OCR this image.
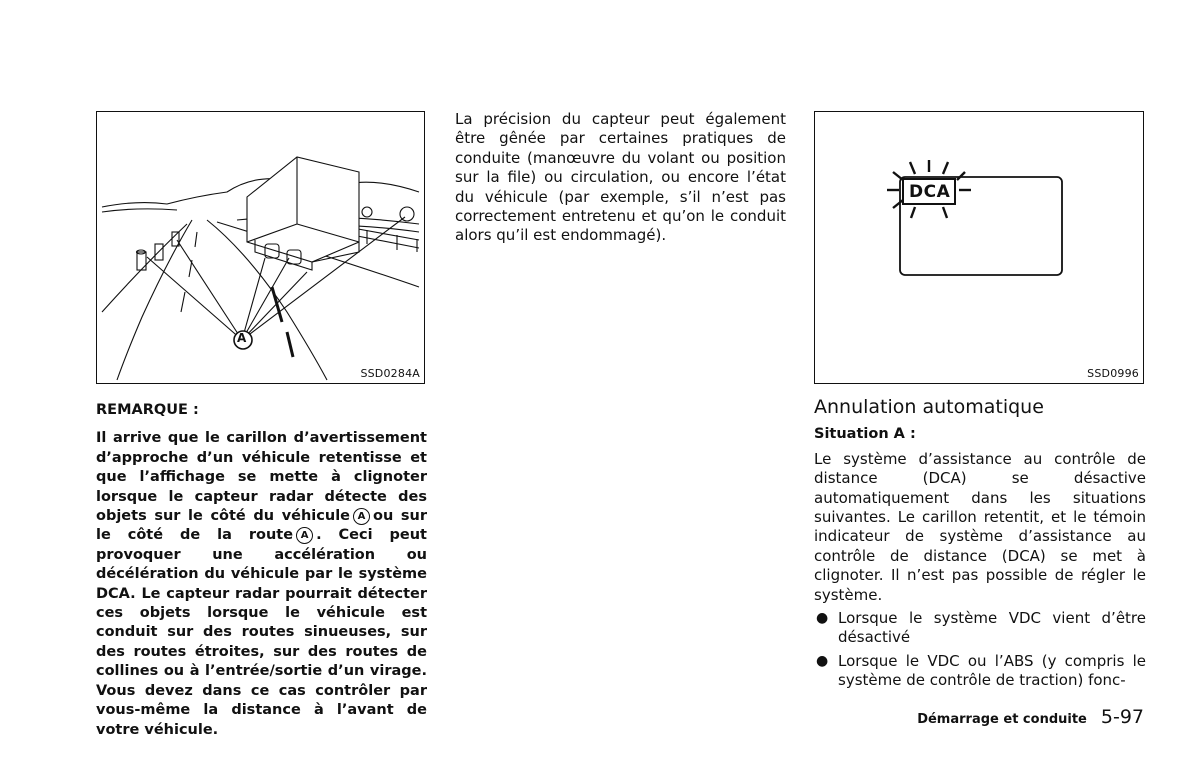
A
SSD0284A
DCA
SSD0996

La précision du capteur peut également être gênée par certaines pratiques de conduite (manœuvre du volant ou position sur la file) ou circulation, ou encore l’état du véhicule (par exemple, s’il n’est pas correctement entretenu et qu’on le conduit alors qu’il est endommagé).

REMARQUE :

Il arrive que le carillon d’avertissement d’approche d’un véhicule retentisse et que l’affichage se mette à clignoter lorsque le capteur radar détecte des objets sur le côté du véhicule A ou sur le côté de la route A . Ceci peut provoquer une accélération ou décélération du véhicule par le système DCA. Le capteur radar pourrait détecter ces objets lorsque le véhicule est conduit sur des routes sinueuses, sur des routes étroites, sur des routes de collines ou à l’entrée/sortie d’un virage. Vous devez dans ce cas contrôler par vous-même la distance à l’avant de votre véhicule.

Annulation automatique

Situation A :

Le système d’assistance au contrôle de distance (DCA) se désactive automatiquement dans les situations suivantes. Le carillon retentit, et le témoin indicateur de système d’assistance au contrôle de distance (DCA) se met à clignoter. Il n’est pas possible de régler le système.

● Lorsque le système VDC vient d’être désactivé
● Lorsque le VDC ou l’ABS (y compris le système de contrôle de traction) fonc-
Démarrage et conduite 5-97
